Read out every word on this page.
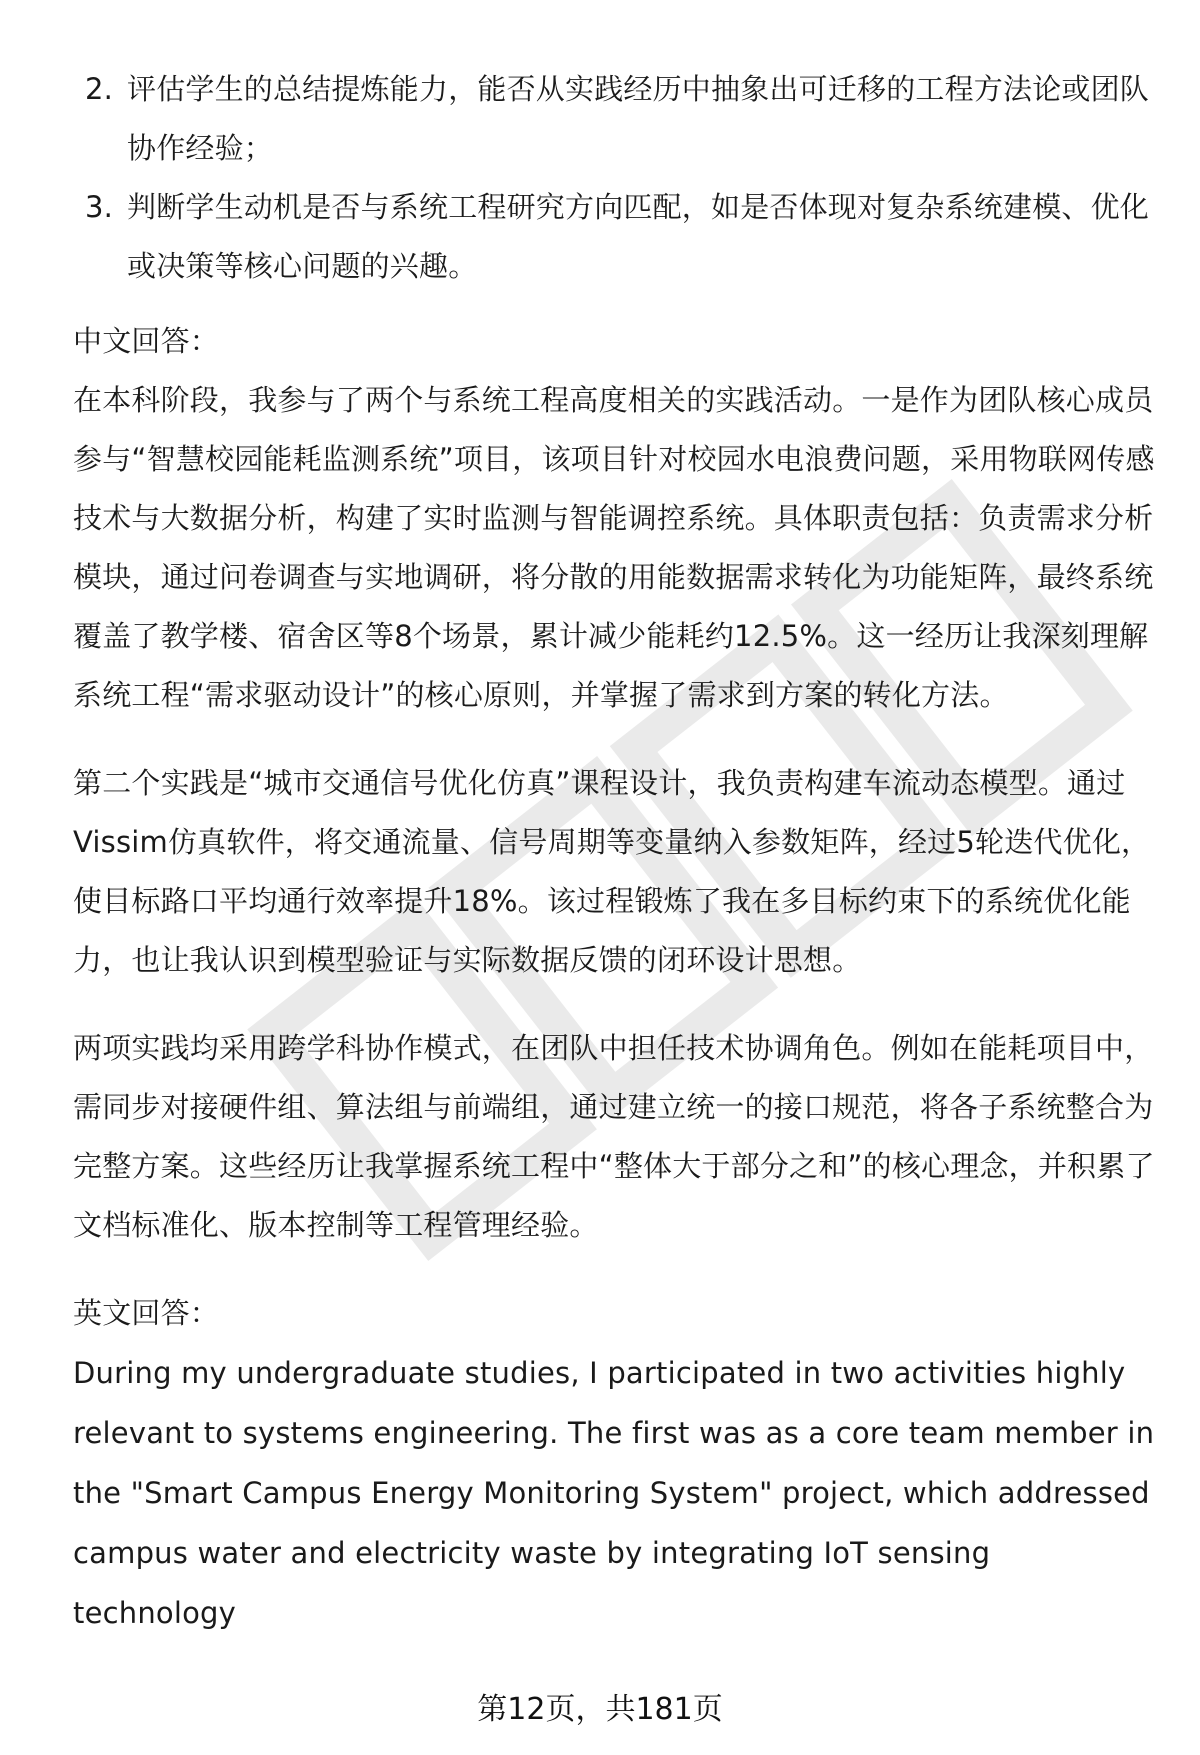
2. 评估学生的总结提炼能力，能否从实践经历中抽象出可迁移的工程方法论或团队协作经验；
3. 判断学生动机是否与系统工程研究方向匹配，如是否体现对复杂系统建模、优化或决策等核心问题的兴趣。

中文回答：

在本科阶段，我参与了两个与系统工程高度相关的实践活动。一是作为团队核心成员参与“智慧校园能耗监测系统”项目，该项目针对校园水电浪费问题，采用物联网传感技术与大数据分析，构建了实时监测与智能调控系统。具体职责包括：负责需求分析模块，通过问卷调查与实地调研，将分散的用能数据需求转化为功能矩阵，最终系统覆盖了教学楼、宿舍区等8个场景，累计减少能耗约12.5%。这一经历让我深刻理解系统工程“需求驱动设计”的核心原则，并掌握了需求到方案的转化方法。

第二个实践是“城市交通信号优化仿真”课程设计，我负责构建车流动态模型。通过Vissim仿真软件，将交通流量、信号周期等变量纳入参数矩阵，经过5轮迭代优化，使目标路口平均通行效率提升18%。该过程锻炼了我在多目标约束下的系统优化能力，也让我认识到模型验证与实际数据反馈的闭环设计思想。

两项实践均采用跨学科协作模式，在团队中担任技术协调角色。例如在能耗项目中，需同步对接硬件组、算法组与前端组，通过建立统一的接口规范，将各子系统整合为完整方案。这些经历让我掌握系统工程中“整体大于部分之和”的核心理念，并积累了文档标准化、版本控制等工程管理经验。

英文回答：

During my undergraduate studies, I participated in two activities highly relevant to systems engineering. The first was as a core team member in the "Smart Campus Energy Monitoring System" project, which addressed campus water and electricity waste by integrating IoT sensing technology

第12页，共181页
